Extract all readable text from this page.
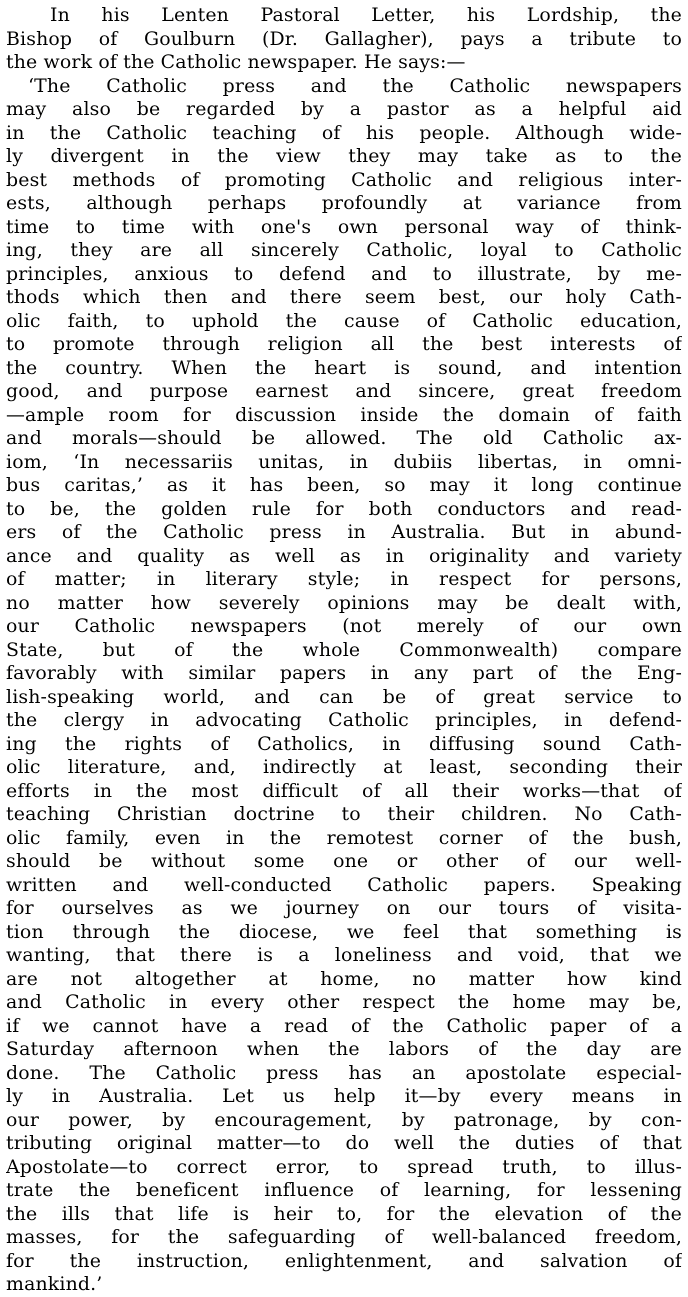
In his Lenten Pastoral Letter, his Lordship, the
Bishop of Goulburn (Dr. Gallagher), pays a tribute to
the work of the Catholic newspaper. He says:—
‘The Catholic press and the Catholic newspapers
may also be regarded by a pastor as a helpful aid
in the Catholic teaching of his people. Although wide-
ly divergent in the view they may take as to the
best methods of promoting Catholic and religious inter-
ests, although perhaps profoundly at variance from
time to time with one's own personal way of think-
ing, they are all sincerely Catholic, loyal to Catholic
principles, anxious to defend and to illustrate, by me-
thods which then and there seem best, our holy Cath-
olic faith, to uphold the cause of Catholic education,
to promote through religion all the best interests of
the country. When the heart is sound, and intention
good, and purpose earnest and sincere, great freedom
—ample room for discussion inside the domain of faith
and morals—should be allowed. The old Catholic ax-
iom, ‘In necessariis unitas, in dubiis libertas, in omni-
bus caritas,’ as it has been, so may it long continue
to be, the golden rule for both conductors and read-
ers of the Catholic press in Australia. But in abund-
ance and quality as well as in originality and variety
of matter; in literary style; in respect for persons,
no matter how severely opinions may be dealt with,
our Catholic newspapers (not merely of our own
State, but of the whole Commonwealth) compare
favorably with similar papers in any part of the Eng-
lish-speaking world, and can be of great service to
the clergy in advocating Catholic principles, in defend-
ing the rights of Catholics, in diffusing sound Cath-
olic literature, and, indirectly at least, seconding their
efforts in the most difficult of all their works—that of
teaching Christian doctrine to their children. No Cath-
olic family, even in the remotest corner of the bush,
should be without some one or other of our well-
written and well-conducted Catholic papers. Speaking
for ourselves as we journey on our tours of visita-
tion through the diocese, we feel that something is
wanting, that there is a loneliness and void, that we
are not altogether at home, no matter how kind
and Catholic in every other respect the home may be,
if we cannot have a read of the Catholic paper of a
Saturday afternoon when the labors of the day are
done. The Catholic press has an apostolate especial-
ly in Australia. Let us help it—by every means in
our power, by encouragement, by patronage, by con-
tributing original matter—to do well the duties of that
Apostolate—to correct error, to spread truth, to illus-
trate the beneficent influence of learning, for lessening
the ills that life is heir to, for the elevation of the
masses, for the safeguarding of well-balanced freedom,
for the instruction, enlightenment, and salvation of
mankind.’
